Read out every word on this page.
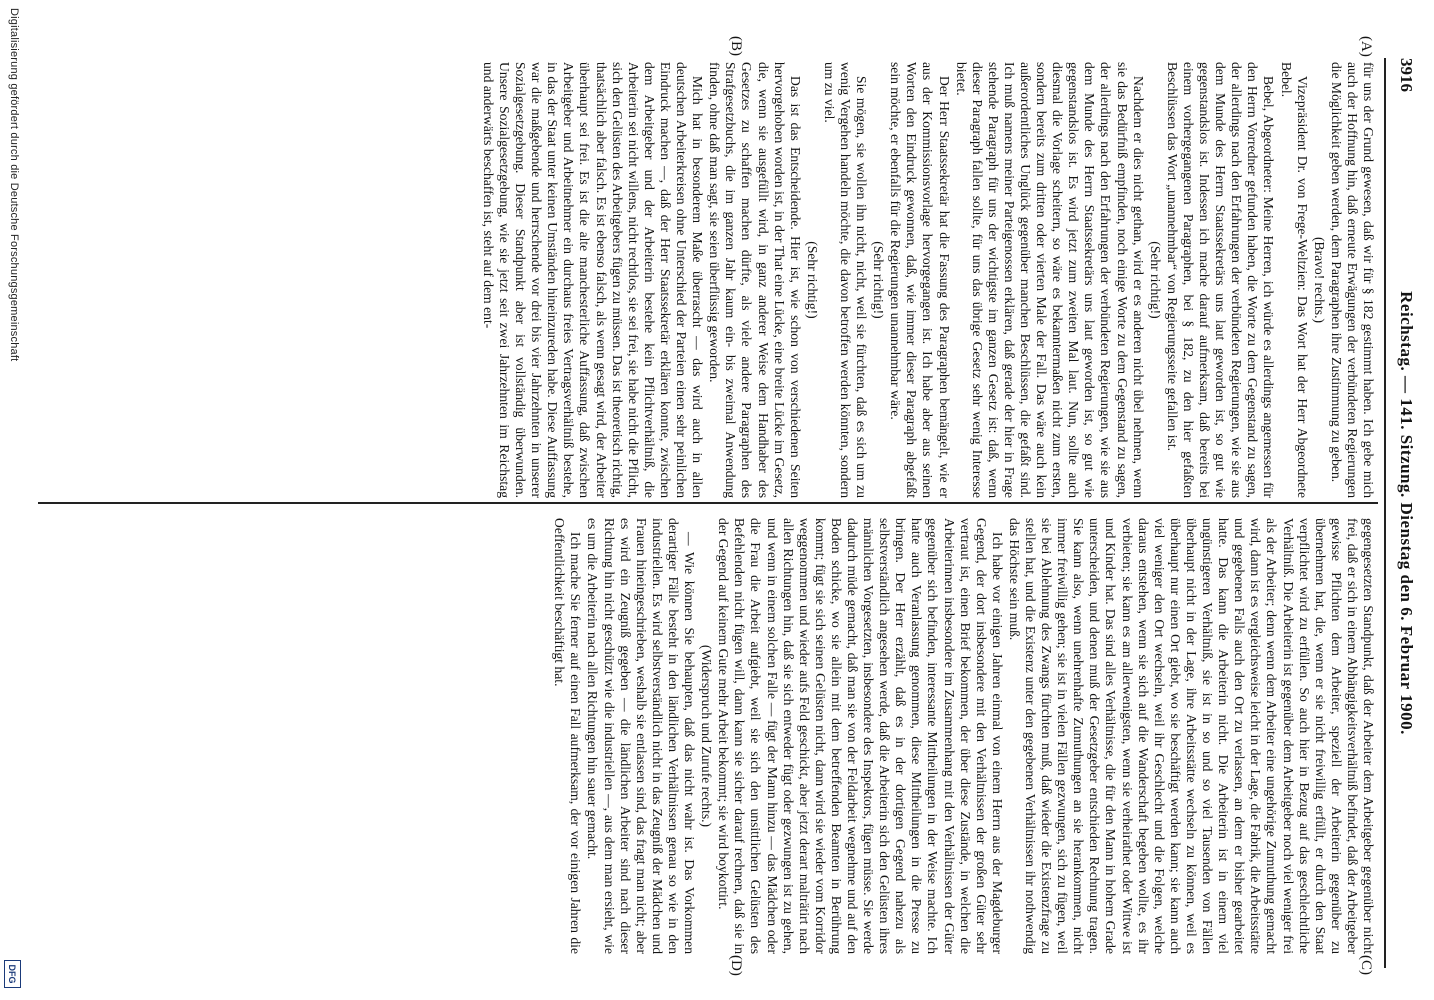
3916
Reichstag. — 141. Sitzung. Dienstag den 6. Februar 1900.
(A)
(B)
(C)
(D)

für uns der Grund gewesen, daß wir für § 182 gestimmt haben. Ich gebe mich auch der Hoffnung hin, daß erneute Erwägungen der verbündeten Regierungen die Möglichkeit geben werden, dem Paragraphen ihre Zustimmung zu geben.

(Bravo! rechts.)

Vizepräsident Dr. von Frege-Weltzien: Das Wort hat der Herr Abgeordnete Bebel.

Bebel, Abgeordneter: Meine Herren, ich würde es allerdings angemessen für den Herrn Vorredner gefunden haben, die Worte zu dem Gegenstand zu sagen, der allerdings nach den Erfahrungen der verbündeten Regierungen, wie sie aus dem Munde des Herrn Staatssekretärs uns laut geworden ist, so gut wie gegenstandslos ist. Indessen ich mache darauf aufmerksam, daß bereits bei einem vorhergegangenen Paragraphen, bei § 182, zu den hier gefaßten Beschlüssen das Wort „unannehmbar“ von Regierungsseite gefallen ist.

(Sehr richtig!)

Nachdem er dies nicht gethan, wird er es anderen nicht übel nehmen, wenn sie das Bedürfniß empfinden, noch einige Worte zu dem Gegenstand zu sagen, der allerdings nach den Erfahrungen der verbündeten Regierungen, wie sie aus dem Munde des Herrn Staatssekretärs uns laut geworden ist, so gut wie gegenstandslos ist. Es wird jetzt zum zweiten Mal laut. Nun, sollte auch diesmal die Vorlage scheitern, so wäre es bekanntermaßen nicht zum ersten, sondern bereits zum dritten oder vierten Male der Fall. Das wäre auch kein außerordentliches Unglück gegenüber manchen Beschlüssen, die gefaßt sind. Ich muß namens meiner Parteigenossen erklären, daß gerade der hier in Frage stehende Paragraph für uns der wichtigste im ganzen Gesetz ist: daß, wenn dieser Paragraph fallen sollte, für uns das übrige Gesetz sehr wenig Interesse bietet.

Der Herr Staatssekretär hat die Fassung des Paragraphen bemängelt, wie er aus der Kommissionsvorlage hervorgegangen ist. Ich habe aber aus seinen Worten den Eindruck gewonnen, daß, wie immer dieser Paragraph abgefaßt sein möchte, er ebenfalls für die Regierungen unannehmbar wäre.

(Sehr richtig!)

Sie mögen, sie wollen ihn nicht, nicht, weil sie fürchten, daß es sich um zu wenig Vergehen handeln möchte, die davon betroffen werden könnten, sondern um zu viel.

(Sehr richtig!)

Das ist das Entscheidende. Hier ist, wie schon von verschiedenen Seiten hervorgehoben worden ist, in der That eine Lücke, eine breite Lücke im Gesetz, die, wenn sie ausgefüllt wird, in ganz anderer Weise dem Handhaber des Gesetzes zu schaffen machen dürfte, als viele andere Paragraphen des Strafgesetzbuchs, die im ganzen Jahr kaum ein- bis zweimal Anwendung finden, ohne daß man sagt, sie seien überflüssig geworden.

Mich hat in besonderem Maße überrascht — das wird auch in allen deutschen Arbeiterkreisen ohne Unterschied der Parteien einen sehr peinlichen Eindruck machen —, daß der Herr Staatssekretär erklären konnte, zwischen dem Arbeitgeber und der Arbeiterin bestehe kein Pflichtverhältniß, die Arbeiterin sei nicht willens, nicht rechtlos, sie sei frei, sie habe nicht die Pflicht, sich den Gelüsten des Arbeitgebers fügen zu müssen. Das ist theoretisch richtig, thatsächlich aber falsch. Es ist ebenso falsch, als wenn gesagt wird, der Arbeiter überhaupt sei frei. Es ist die alte manchesterliche Auffassung, daß zwischen Arbeitgeber und Arbeitnehmer ein durchaus freies Vertragsverhältniß bestehe, in das der Staat unter keinen Umständen hineinzureden habe. Diese Auffassung war die maßgebende und herrschende vor drei bis vier Jahrzehnten in unserer Sozialgesetzgebung. Dieser Standpunkt aber ist vollständig überwunden. Unsere Sozialgesetzgebung, wie sie jetzt seit zwei Jahrzehnten im Reichstag und anderwärts beschaffen ist, steht auf dem ent-

gegengesetzten Standpunkt, daß der Arbeiter dem Arbeitgeber gegenüber nicht frei, daß er sich in einem Abhängigkeitsverhältniß befindet, daß der Arbeitgeber gewisse Pflichten dem Arbeiter, speziell der Arbeiterin gegenüber zu übernehmen hat, die, wenn er sie nicht freiwillig erfüllt, er durch den Staat verpflichtet wird zu erfüllen. So auch hier in Bezug auf das geschlechtliche Verhältniß. Die Arbeiterin ist gegenüber dem Arbeitgeber noch viel weniger frei als der Arbeiter; denn wenn dem Arbeiter eine ungehörige Zumuthung gemacht wird, dann ist es vergleichsweise leicht in der Lage, die Fabrik, die Arbeitsstätte und gegebenen Falls auch den Ort zu verlassen, an dem er bisher gearbeitet hatte. Das kann die Arbeiterin nicht. Die Arbeiterin ist in einem viel ungünstigeren Verhältniß, sie ist in so und so viel Tausenden von Fällen überhaupt nicht in der Lage, ihre Arbeitsstätte wechseln zu können, weil es überhaupt nur einen Ort giebt, wo sie beschäftigt werden kann; sie kann auch viel weniger den Ort wechseln, weil ihr Geschlecht und die Folgen, welche daraus entstehen, wenn sie sich auf die Wanderschaft begeben wollte, es ihr verbieten; sie kann es am allerwenigsten, wenn sie verheirathet oder Wittwe ist und Kinder hat. Das sind alles Verhältnisse, die für den Mann in hohem Grade unterscheiden, und denen muß der Gesetzgeber entschieden Rechnung tragen. Sie kann also, wenn unehrenhafte Zumuthungen an sie herankommen, nicht immer freiwillig gehen; sie ist in vielen Fällen gezwungen, sich zu fügen, weil sie bei Ablehnung des Zwangs fürchten muß, daß wieder die Existenzfrage zu stellen hat, und die Existenz unter den gegebenen Verhältnissen ihr nothwendig das Höchste sein muß.

Ich habe vor einigen Jahren einmal von einem Herrn aus der Magdeburger Gegend, der dort insbesondere mit den Verhältnissen der großen Güter sehr vertraut ist, einen Brief bekommen, der über diese Zustände, in welchen die Arbeiterinnen insbesondere im Zusammenhang mit den Verhältnissen der Güter gegenüber sich befinden, interessante Mittheilungen in der Weise machte. Ich hatte auch Veranlassung genommen, diese Mittheilungen in die Presse zu bringen. Der Herr erzählt, daß es in der dortigen Gegend nahezu als selbstverständlich angesehen werde, daß die Arbeiterin sich den Gelüsten ihres männlichen Vorgesetzten, insbesondere des Inspektors, fügen müsse. Sie werde dadurch müde gemacht, daß man sie von der Feldarbeit wegnehme und auf den Boden schicke, wo sie allein mit dem betreffenden Beamten in Berührung kommt; fügt sie sich seinen Gelüsten nicht, dann wird sie wieder vom Korridor weggenommen und wieder aufs Feld geschickt, aber jetzt derart malträtirt nach allen Richtungen hin, daß sie sich entweder fügt oder gezwungen ist zu gehen, und wenn in einem solchen Falle — fügt der Mann hinzu — das Mädchen oder die Frau die Arbeit aufgiebt, weil sie sich den unsittlichen Gelüsten des Befehlenden nicht fügen will, dann kann sie sicher darauf rechnen, daß sie in der Gegend auf keinem Gute mehr Arbeit bekommt; sie wird boykottirt.

(Widerspruch und Zurufe rechts.)

— Wie können Sie behaupten, daß das nicht wahr ist. Das Vorkommen derartiger Fälle besteht in den ländlichen Verhältnissen genau so wie in den industriellen. Es wird selbstverständlich nicht in das Zeugniß der Mädchen und Frauen hineingeschrieben, weshalb sie entlassen sind, das fragt man nicht; aber es wird ein Zeugniß gegeben — die ländlichen Arbeiter sind nach dieser Richtung hin nicht geschützt wie die industriellen —, aus dem man ersieht, wie es um die Arbeiterin nach allen Richtungen hin sauer gemacht.

Ich mache Sie ferner auf einen Fall aufmerksam, der vor einigen Jahren die Oeffentlichkeit beschäftigt hat.

Digitalisierung gefördert durch die Deutsche Forschungsgemeinschaft
DFG
